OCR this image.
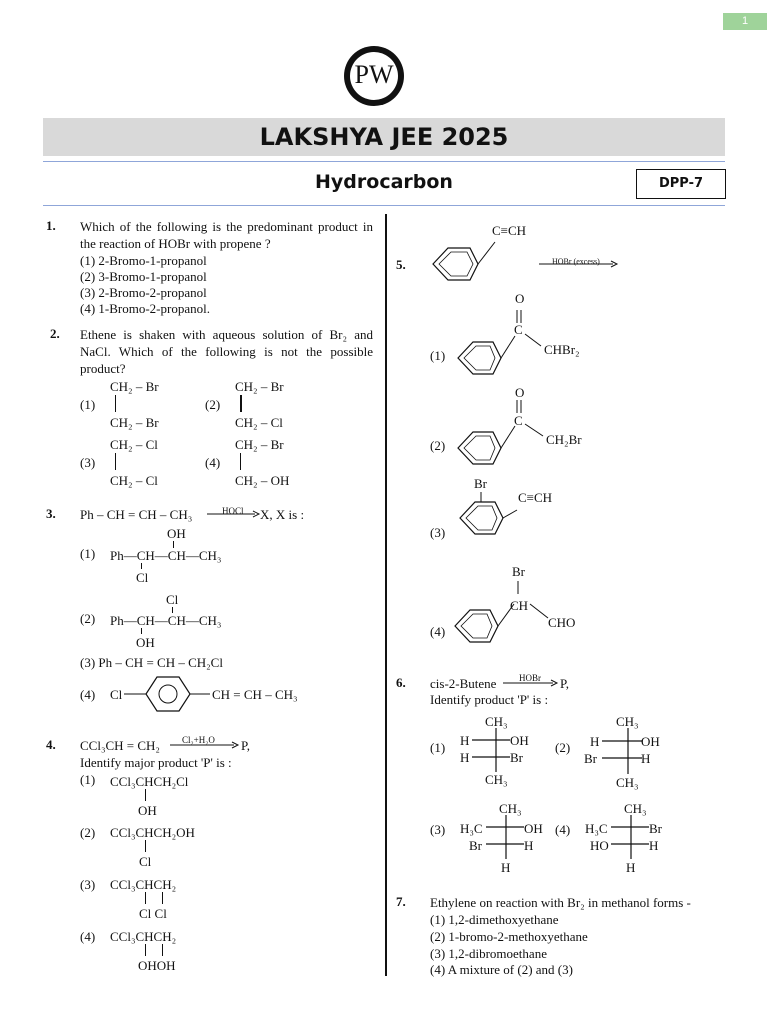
1
PW
LAKSHYA JEE 2025
Hydrocarbon	DPP-7
1. Which of the following is the predominant product in the reaction of HOBr with propene ?
(1) 2-Bromo-1-propanol
(2) 3-Bromo-1-propanol
(3) 2-Bromo-2-propanol
(4) 1-Bromo-2-propanol.
2. Ethene is shaken with aqueous solution of Br₂ and NaCl. Which of the following is not the possible product?
(1)
CH₂ – Br
CH₂ – Br
(2)
CH₂ – Br
CH₂ – Cl
(3)
CH₂ – Cl
CH₂ – Cl
(4)
CH₂ – Br
CH₂ – OH
3. Ph – CH = CH – CH₃	HOCl X, X is :
(1)
OH
Ph—CH—CH—CH₃
Cl
(2)
Cl
Ph—CH—CH—CH₃
OH
(3) Ph – CH = CH – CH₂Cl
(4) Cl	CH = CH – CH₃
4. CCl₃CH = CH₂ Cl₂+H₂O P,
Identify major product 'P' is :
(1) CCl₃CHCH₂Cl
OH
(2) CCl₃CHCH₂OH
Cl
(3) CCl₃CHCH₂
Cl Cl
(4) CCl₃CHCH₂
OHOH
5.
C≡CH
HOBr (excess)
(1)
O
C
CHBr₂
(2)
O
C
CH₂Br
(3)
Br
C≡CH
(4)
Br
CH
CHO
6. cis-2-Butene	HOBr P,
Identify product 'P' is :
(1)
CH₃
H	OH
H	Br
CH₃
(2)
CH₃
H	OH
Br	H
CH₃
(3)
CH₃
H₃C	OH
Br	H
H
(4)
CH₃
H₃C	Br
HO	H
H
7. Ethylene on reaction with Br₂ in methanol forms -
(1) 1,2-dimethoxyethane
(2) 1-bromo-2-methoxyethane
(3) 1,2-dibromoethane
(4) A mixture of (2) and (3)
